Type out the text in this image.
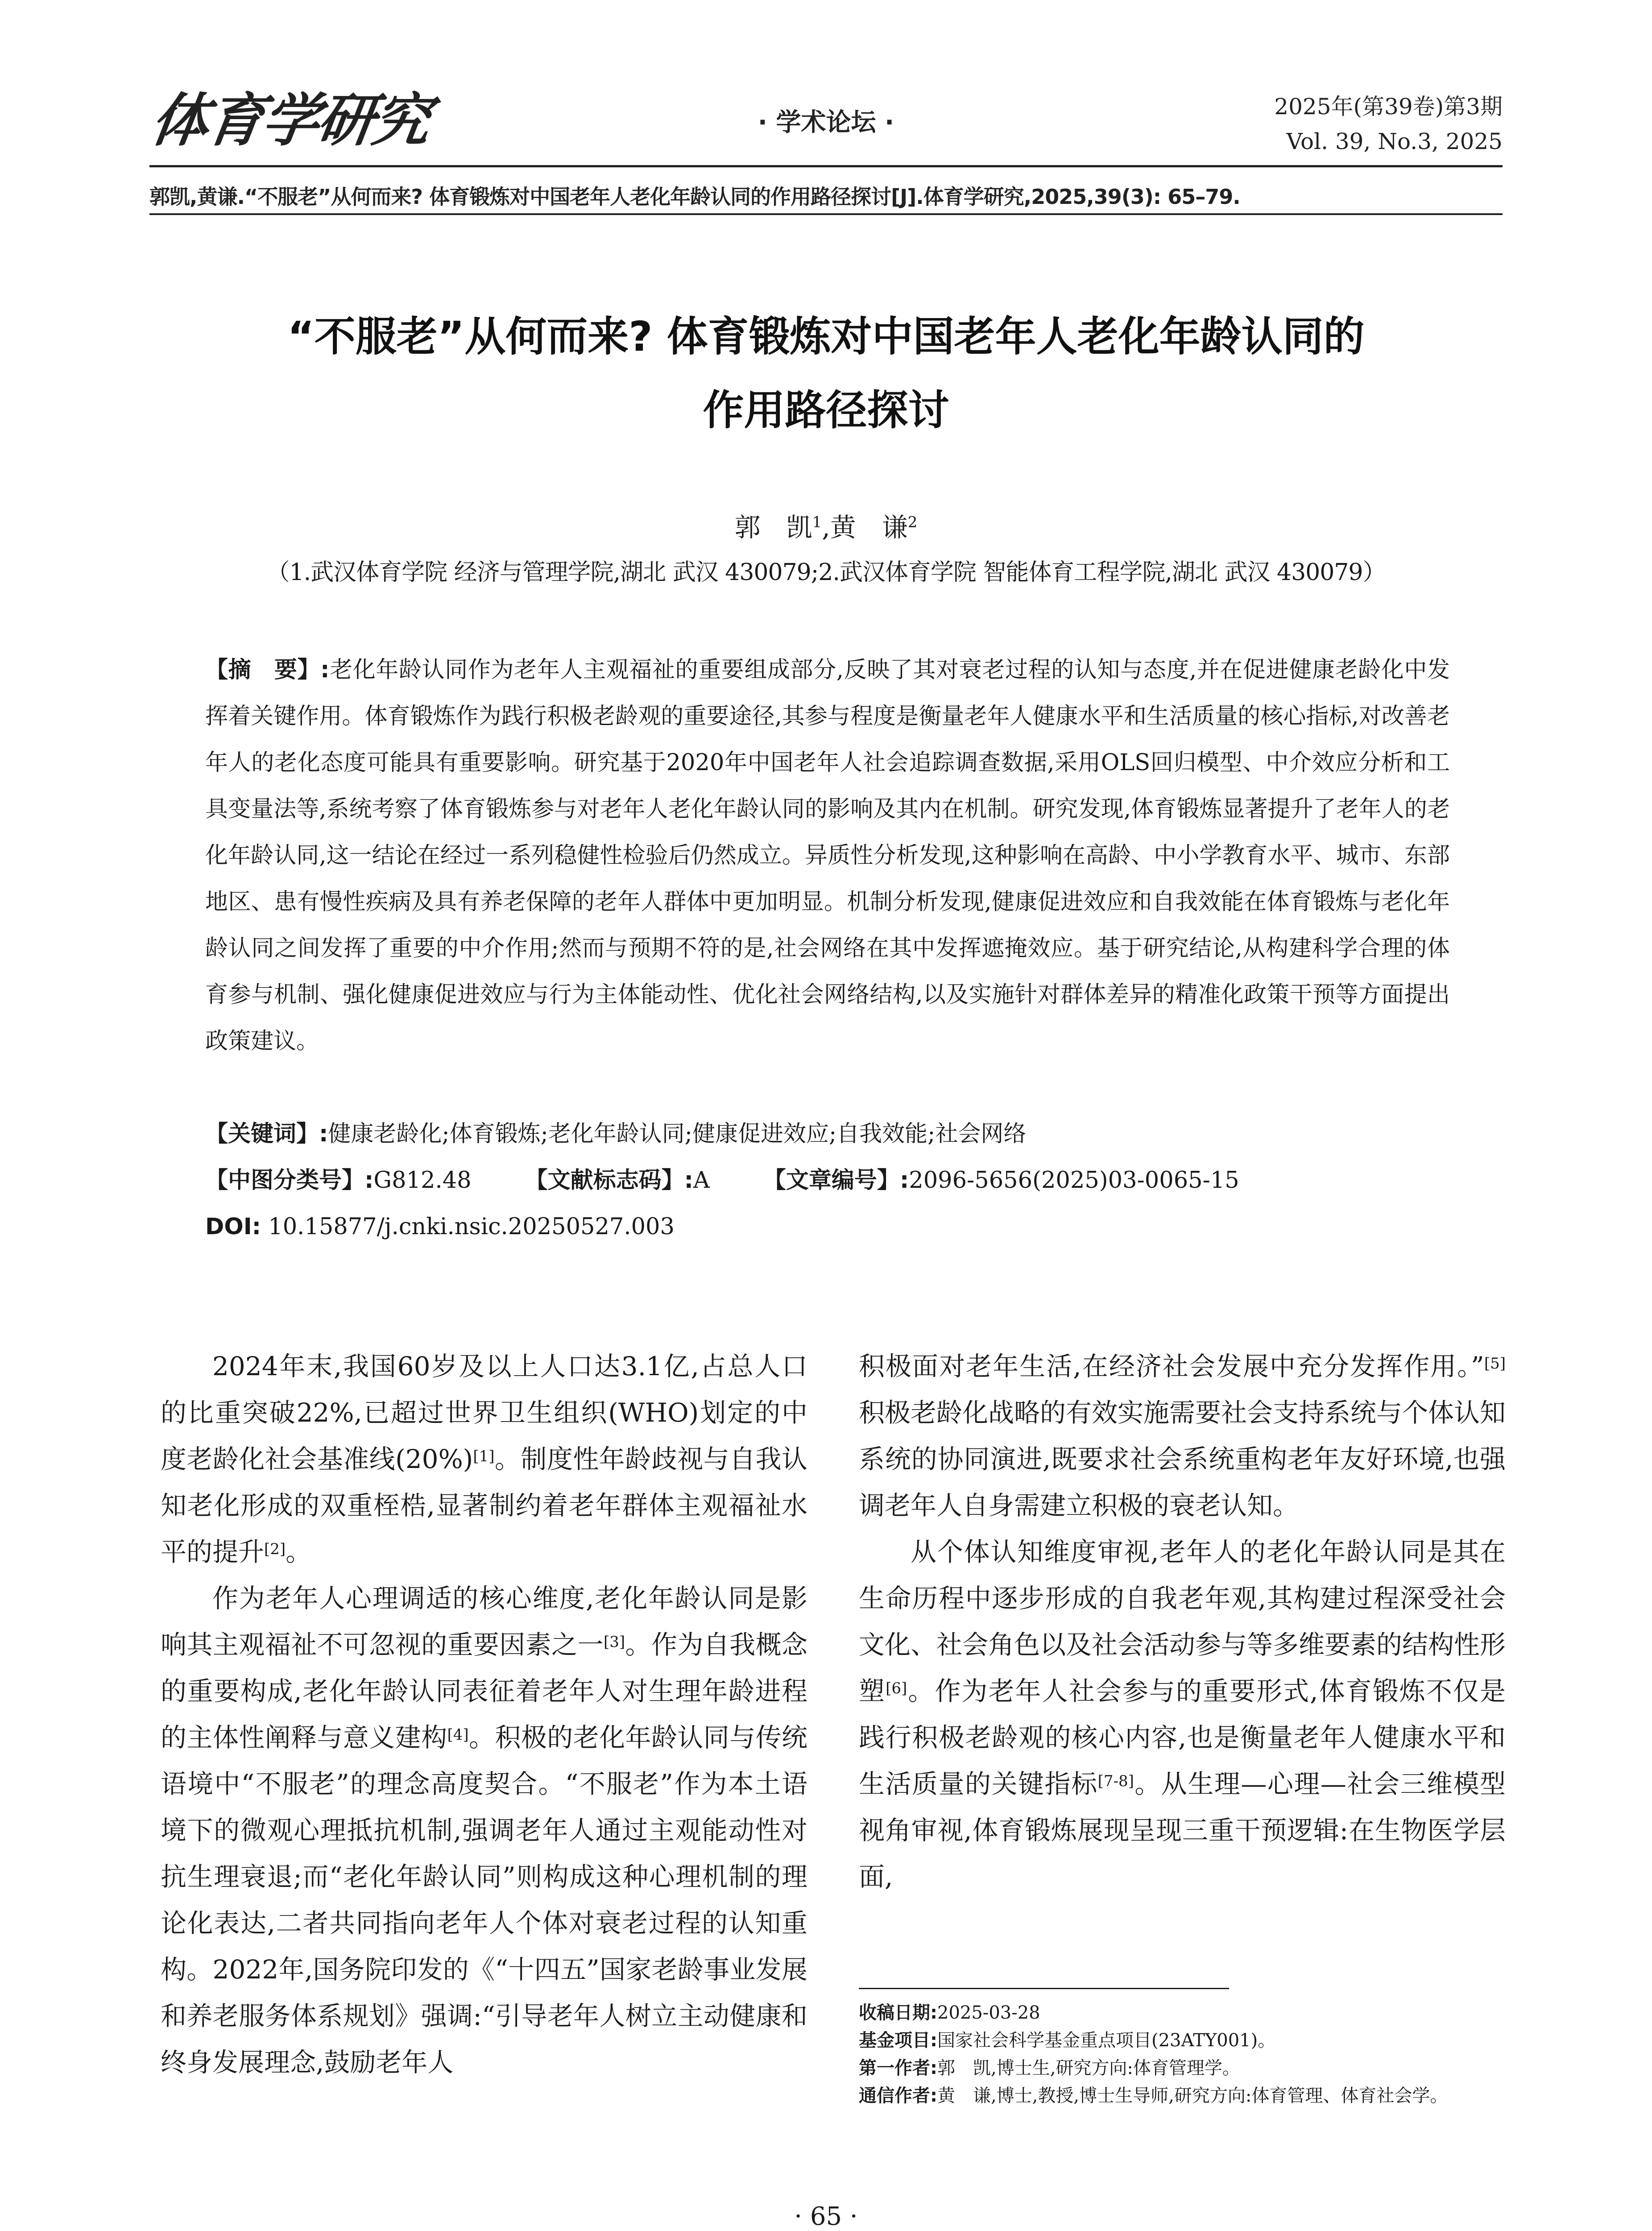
体育学研究	· 学术论坛 ·
2025年(第39卷)第3期
Vol. 39, No.3, 2025
郭凯,黄谦.“不服老”从何而来? 体育锻炼对中国老年人老化年龄认同的作用路径探讨[J].体育学研究,2025,39(3): 65–79.
“不服老”从何而来? 体育锻炼对中国老年人老化年龄认同的
作用路径探讨
郭　凯$^1$,黄　谦$^2$
（1.武汉体育学院 经济与管理学院,湖北 武汉 430079;2.武汉体育学院 智能体育工程学院,湖北 武汉 430079）
【摘　要】:老化年龄认同作为老年人主观福祉的重要组成部分,反映了其对衰老过程的认知与态度,并在促进健康老龄化中发挥着关键作用。体育锻炼作为践行积极老龄观的重要途径,其参与程度是衡量老年人健康水平和生活质量的核心指标,对改善老年人的老化态度可能具有重要影响。研究基于2020年中国老年人社会追踪调查数据,采用OLS回归模型、中介效应分析和工具变量法等,系统考察了体育锻炼参与对老年人老化年龄认同的影响及其内在机制。研究发现,体育锻炼显著提升了老年人的老化年龄认同,这一结论在经过一系列稳健性检验后仍然成立。异质性分析发现,这种影响在高龄、中小学教育水平、城市、东部地区、患有慢性疾病及具有养老保障的老年人群体中更加明显。机制分析发现,健康促进效应和自我效能在体育锻炼与老化年龄认同之间发挥了重要的中介作用;然而与预期不符的是,社会网络在其中发挥遮掩效应。基于研究结论,从构建科学合理的体育参与机制、强化健康促进效应与行为主体能动性、优化社会网络结构,以及实施针对群体差异的精准化政策干预等方面提出政策建议。
【关键词】:健康老龄化;体育锻炼;老化年龄认同;健康促进效应;自我效能;社会网络
【中图分类号】:G812.48 【文献标志码】:A 【文章编号】:2096-5656(2025)03-0065-15
DOI: 10.15877/j.cnki.nsic.20250527.003

2024年末,我国60岁及以上人口达3.1亿,占总人口的比重突破22%,已超过世界卫生组织(WHO)划定的中度老龄化社会基准线(20%)[1]。制度性年龄歧视与自我认知老化形成的双重桎梏,显著制约着老年群体主观福祉水平的提升[2]。

作为老年人心理调适的核心维度,老化年龄认同是影响其主观福祉不可忽视的重要因素之一[3]。作为自我概念的重要构成,老化年龄认同表征着老年人对生理年龄进程的主体性阐释与意义建构[4]。积极的老化年龄认同与传统语境中“不服老”的理念高度契合。“不服老”作为本土语境下的微观心理抵抗机制,强调老年人通过主观能动性对抗生理衰退;而“老化年龄认同”则构成这种心理机制的理论化表达,二者共同指向老年人个体对衰老过程的认知重构。2022年,国务院印发的《“十四五”国家老龄事业发展和养老服务体系规划》强调:“引导老年人树立主动健康和终身发展理念,鼓励老年人

积极面对老年生活,在经济社会发展中充分发挥作用。”[5]积极老龄化战略的有效实施需要社会支持系统与个体认知系统的协同演进,既要求社会系统重构老年友好环境,也强调老年人自身需建立积极的衰老认知。

从个体认知维度审视,老年人的老化年龄认同是其在生命历程中逐步形成的自我老年观,其构建过程深受社会文化、社会角色以及社会活动参与等多维要素的结构性形塑[6]。作为老年人社会参与的重要形式,体育锻炼不仅是践行积极老龄观的核心内容,也是衡量老年人健康水平和生活质量的关键指标[7-8]。从生理—心理—社会三维模型视角审视,体育锻炼展现呈现三重干预逻辑:在生物医学层面,

收稿日期:2025-03-28
基金项目:国家社会科学基金重点项目(23ATY001)。
第一作者:郭　凯,博士生,研究方向:体育管理学。
通信作者:黄　谦,博士,教授,博士生导师,研究方向:体育管理、体育社会学。
· 65 ·
